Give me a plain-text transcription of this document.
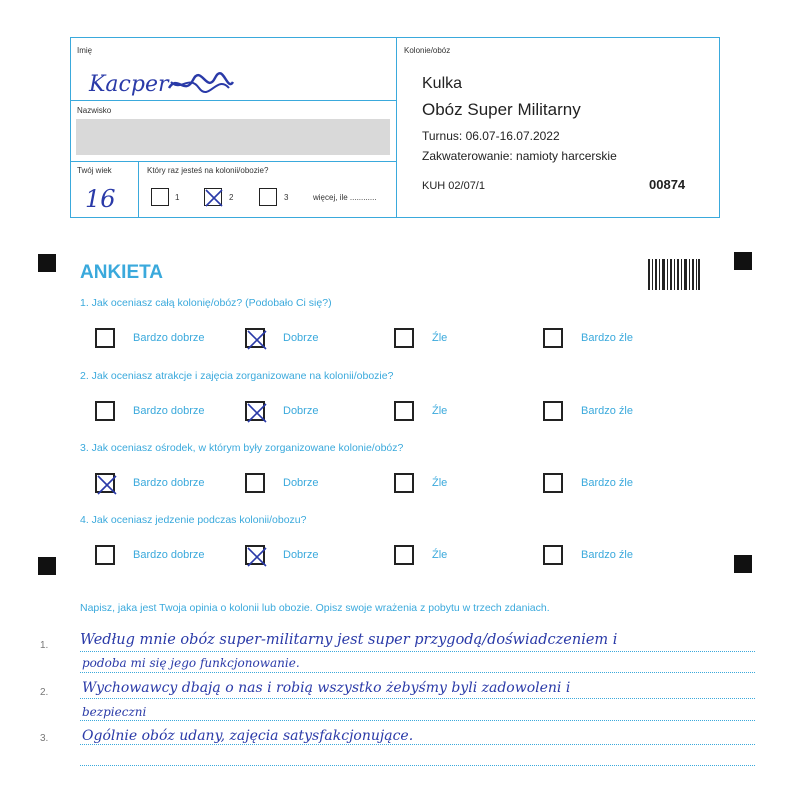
Imię
Kacper
Nazwisko
Twój wiek
16
Który raz jesteś na kolonii/obozie?
1	2	3	więcej, ile ............
Kolonie/obóz
Kulka
Obóz Super Militarny
Turnus: 06.07-16.07.2022
Zakwaterowanie: namioty harcerskie
KUH 02/07/1	00874
ANKIETA
1. Jak oceniasz całą kolonię/obóz? (Podobało Ci się?)
Bardzo dobrze	Dobrze	Źle	Bardzo źle
2. Jak oceniasz atrakcje i zajęcia zorganizowane na kolonii/obozie?
Bardzo dobrze	Dobrze	Źle	Bardzo źle
3. Jak oceniasz ośrodek, w którym były zorganizowane kolonie/obóz?
Bardzo dobrze	Dobrze	Źle	Bardzo źle
4. Jak oceniasz jedzenie podczas kolonii/obozu?
Bardzo dobrze	Dobrze	Źle	Bardzo źle
Napisz, jaka jest Twoja opinia o kolonii lub obozie. Opisz swoje wrażenia z pobytu w trzech zdaniach.
1.
2.
3.
Według mnie obóz super-militarny jest super przygodą/doświadczeniem i
podoba mi się jego funkcjonowanie.
Wychowawcy dbają o nas i robią wszystko żebyśmy byli zadowoleni i
bezpieczni
Ogólnie obóz udany, zajęcia satysfakcjonujące.
